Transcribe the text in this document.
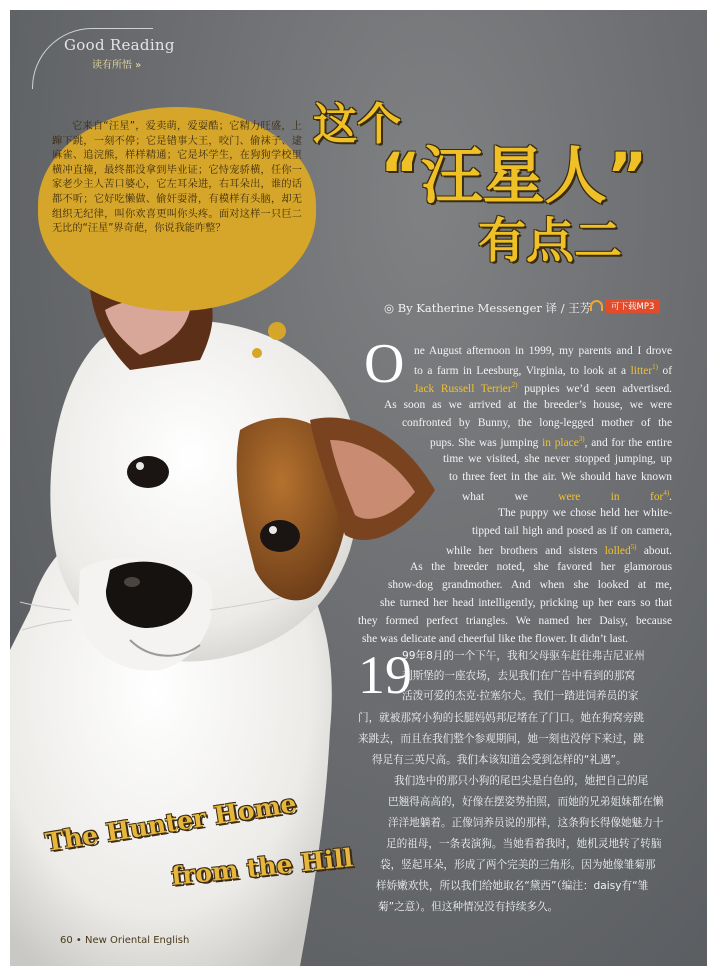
Good Reading
读有所悟 »
它来自“汪星”，爱卖萌，爱耍酷；它精力旺盛，上蹿下跳，一刻不停；它是错事大王，咬门、偷袜子、逮麻雀、追浣熊，样样精通；它是坏学生，在狗狗学校里横冲直撞，最终都没拿到毕业证；它恃宠骄横，任你一家老少主人苦口婆心，它左耳朵进，右耳朵出，谁的话都不听；它好吃懒做、偷奸耍滑，有模样有头脑，却无组织无纪律，叫你欢喜更叫你头疼。面对这样一只巨二无比的“汪星”界奇葩，你说我能咋整？
这个
“汪星人”
有点二
◎ By Katherine Messenger 译 / 王芳	可下载MP3
O ne August afternoon in 1999, my parents and I drove
to a farm in Leesburg, Virginia, to look at a litter$^{1)}$ of
Jack Russell Terrier$^{2)}$ puppies we’d seen advertised.
As soon as we arrived at the breeder’s house, we were
confronted by Bunny, the long-legged mother of the
pups. She was jumping in place$^{3)}$, and for the entire
time we visited, she never stopped jumping, up
to three feet in the air. We should have known
what we were in for$^{4)}$.
The puppy we chose held her white-
tipped tail high and posed as if on camera,
while her brothers and sisters lolled$^{5)}$ about.
As the breeder noted, she favored her glamorous
show-dog grandmother. And when she looked at me,
she turned her head intelligently, pricking up her ears so that
they formed perfect triangles. We named her Daisy, because
she was delicate and cheerful like the flower. It didn’t last.
19
The Hunter Home
from the Hill
60 • New Oriental English
99年8月的一个下午，我和父母驱车赶往弗吉尼亚州
利斯堡的一座农场，去见我们在广告中看到的那窝
活泼可爱的杰克·拉塞尔犬。我们一踏进饲养员的家
门，就被那窝小狗的长腿妈妈邦尼堵在了门口。她在狗窝旁跳
来跳去，而且在我们整个参观期间，她一刻也没停下来过，跳
得足有三英尺高。我们本该知道会受到怎样的“礼遇”。
我们选中的那只小狗的尾巴尖是白色的，她把自己的尾
巴翘得高高的，好像在摆姿势拍照，而她的兄弟姐妹都在懒
洋洋地躺着。正像饲养员说的那样，这条狗长得像她魅力十
足的祖母，一条表演狗。当她看着我时，她机灵地转了转脑
袋，竖起耳朵，形成了两个完美的三角形。因为她像雏菊那
样娇嫩欢快，所以我们给她取名“黛西”（编注：daisy有“雏
菊”之意）。但这种情况没有持续多久。
